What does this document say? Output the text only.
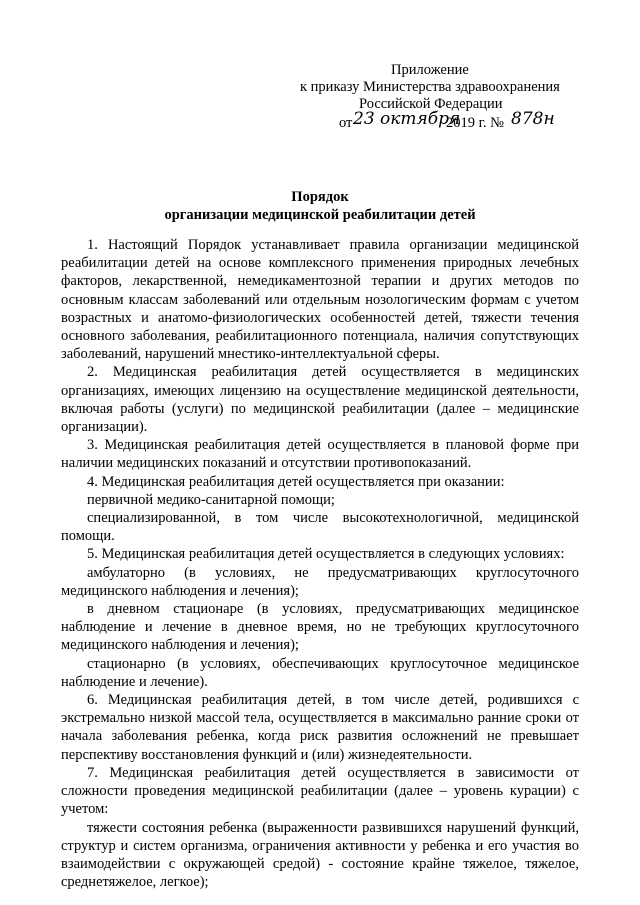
Приложение
к приказу Министерства здравоохранения
Российской Федерации
от 23 октября
2019 г. № 878н
Порядок
организации медицинской реабилитации детей

1. Настоящий Порядок устанавливает правила организации медицинской реабилитации детей на основе комплексного применения природных лечебных факторов, лекарственной, немедикаментозной терапии и других методов по основным классам заболеваний или отдельным нозологическим формам с учетом возрастных и анатомо-физиологических особенностей детей, тяжести течения основного заболевания, реабилитационного потенциала, наличия сопутствующих заболеваний, нарушений мнестико-интеллектуальной сферы.

2. Медицинская реабилитация детей осуществляется в медицинских организациях, имеющих лицензию на осуществление медицинской деятельности, включая работы (услуги) по медицинской реабилитации (далее – медицинские организации).

3. Медицинская реабилитация детей осуществляется в плановой форме при наличии медицинских показаний и отсутствии противопоказаний.

4. Медицинская реабилитация детей осуществляется при оказании:

первичной медико-санитарной помощи;

специализированной, в том числе высокотехнологичной, медицинской помощи.

5. Медицинская реабилитация детей осуществляется в следующих условиях:

амбулаторно (в условиях, не предусматривающих круглосуточного медицинского наблюдения и лечения);

в дневном стационаре (в условиях, предусматривающих медицинское наблюдение и лечение в дневное время, но не требующих круглосуточного медицинского наблюдения и лечения);

стационарно (в условиях, обеспечивающих круглосуточное медицинское наблюдение и лечение).

6. Медицинская реабилитация детей, в том числе детей, родившихся с экстремально низкой массой тела, осуществляется в максимально ранние сроки от начала заболевания ребенка, когда риск развития осложнений не превышает перспективу восстановления функций и (или) жизнедеятельности.

7. Медицинская реабилитация детей осуществляется в зависимости от сложности проведения медицинской реабилитации (далее – уровень курации) с учетом:

тяжести состояния ребенка (выраженности развившихся нарушений функций, структур и систем организма, ограничения активности у ребенка и его участия во взаимодействии с окружающей средой) - состояние крайне тяжелое, тяжелое, среднетяжелое, легкое);
